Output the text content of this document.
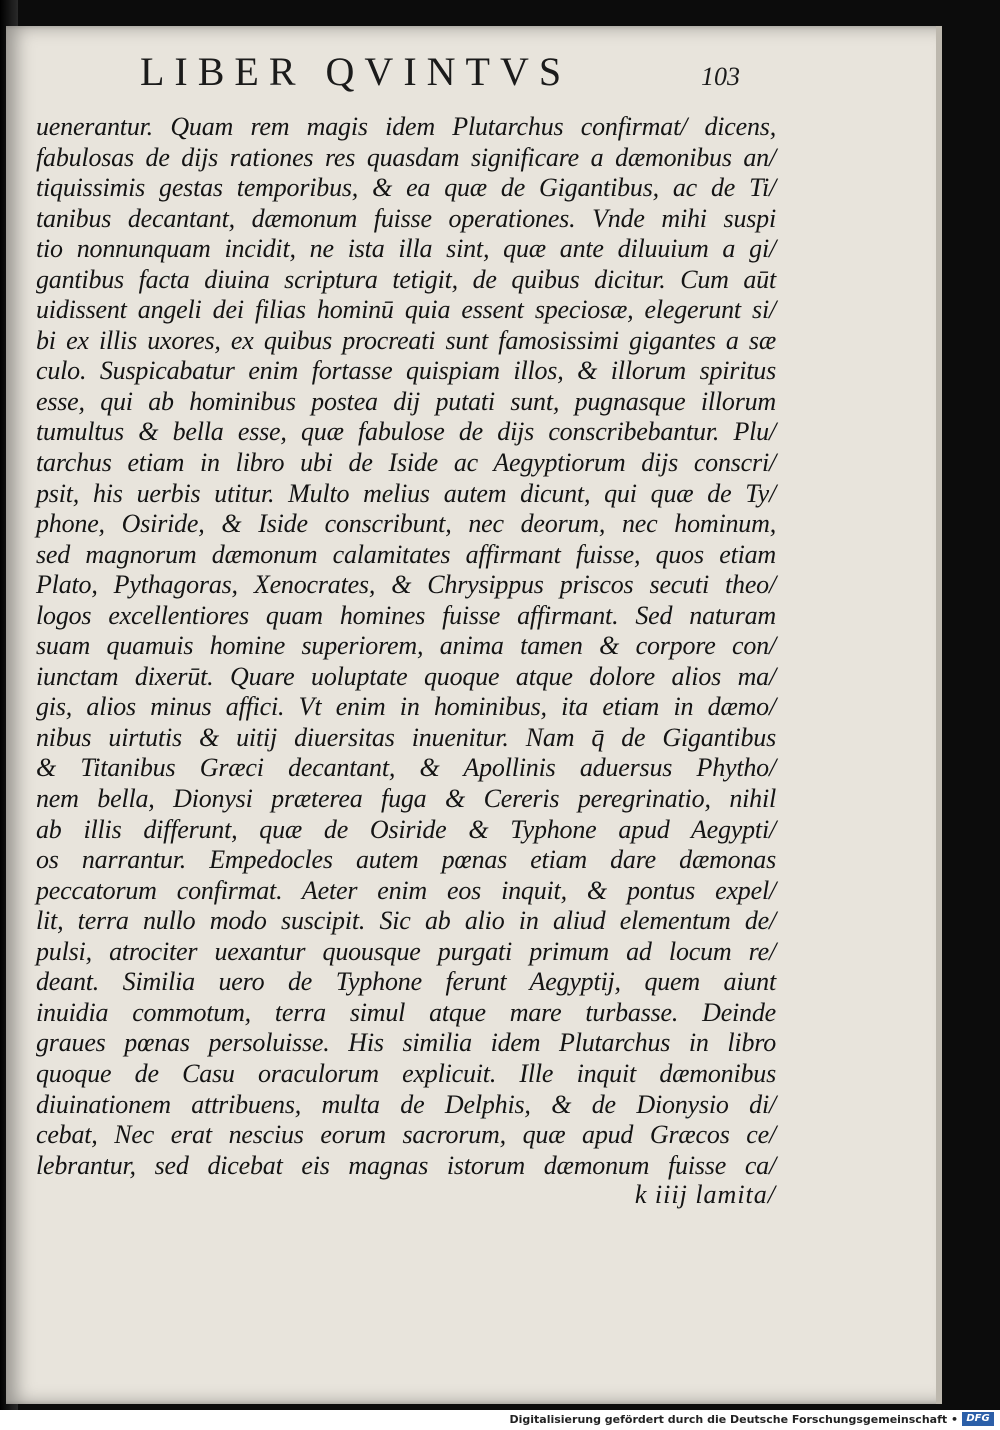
LIBER QVINTVS	103
uenerantur. Quam rem magis idem Plutarchus confirmat/ dicens,
fabulosas de dijs rationes res quasdam significare a dæmonibus an/
tiquissimis gestas temporibus, & ea quæ de Gigantibus, ac de Ti/
tanibus decantant, dæmonum fuisse operationes. Vnde mihi suspi
tio nonnunquam incidit, ne ista illa sint, quæ ante diluuium a gi/
gantibus facta diuina scriptura tetigit, de quibus dicitur. Cum aūt
uidissent angeli dei filias hominū quia essent speciosæ, elegerunt si/
bi ex illis uxores, ex quibus procreati sunt famosissimi gigantes a sæ
culo. Suspicabatur enim fortasse quispiam illos, & illorum spiritus
esse, qui ab hominibus postea dij putati sunt, pugnasque illorum
tumultus & bella esse, quæ fabulose de dijs conscribebantur. Plu/
tarchus etiam in libro ubi de Iside ac Aegyptiorum dijs conscri/
psit, his uerbis utitur. Multo melius autem dicunt, qui quæ de Ty/
phone, Osiride, & Iside conscribunt, nec deorum, nec hominum,
sed magnorum dæmonum calamitates affirmant fuisse, quos etiam
Plato, Pythagoras, Xenocrates, & Chrysippus priscos secuti theo/
logos excellentiores quam homines fuisse affirmant. Sed naturam
suam quamuis homine superiorem, anima tamen & corpore con/
iunctam dixerūt. Quare uoluptate quoque atque dolore alios ma/
gis, alios minus affici. Vt enim in hominibus, ita etiam in dæmo/
nibus uirtutis & uitij diuersitas inuenitur. Nam q̄ de Gigantibus
& Titanibus Græci decantant, & Apollinis aduersus Phytho/
nem bella, Dionysi præterea fuga & Cereris peregrinatio, nihil
ab illis differunt, quæ de Osiride & Typhone apud Aegypti/
os narrantur. Empedocles autem pœnas etiam dare dæmonas
peccatorum confirmat. Aeter enim eos inquit, & pontus expel/
lit, terra nullo modo suscipit. Sic ab alio in aliud elementum de/
pulsi, atrociter uexantur quousque purgati primum ad locum re/
deant. Similia uero de Typhone ferunt Aegyptij, quem aiunt
inuidia commotum, terra simul atque mare turbasse. Deinde
graues pœnas persoluisse. His similia idem Plutarchus in libro
quoque de Casu oraculorum explicuit. Ille inquit dæmonibus
diuinationem attribuens, multa de Delphis, & de Dionysio di/
cebat, Nec erat nescius eorum sacrorum, quæ apud Græcos ce/
lebrantur, sed dicebat eis magnas istorum dæmonum fuisse ca/
k iiij lamita/
Digitalisierung gefördert durch die Deutsche Forschungsgemeinschaft • DFG
